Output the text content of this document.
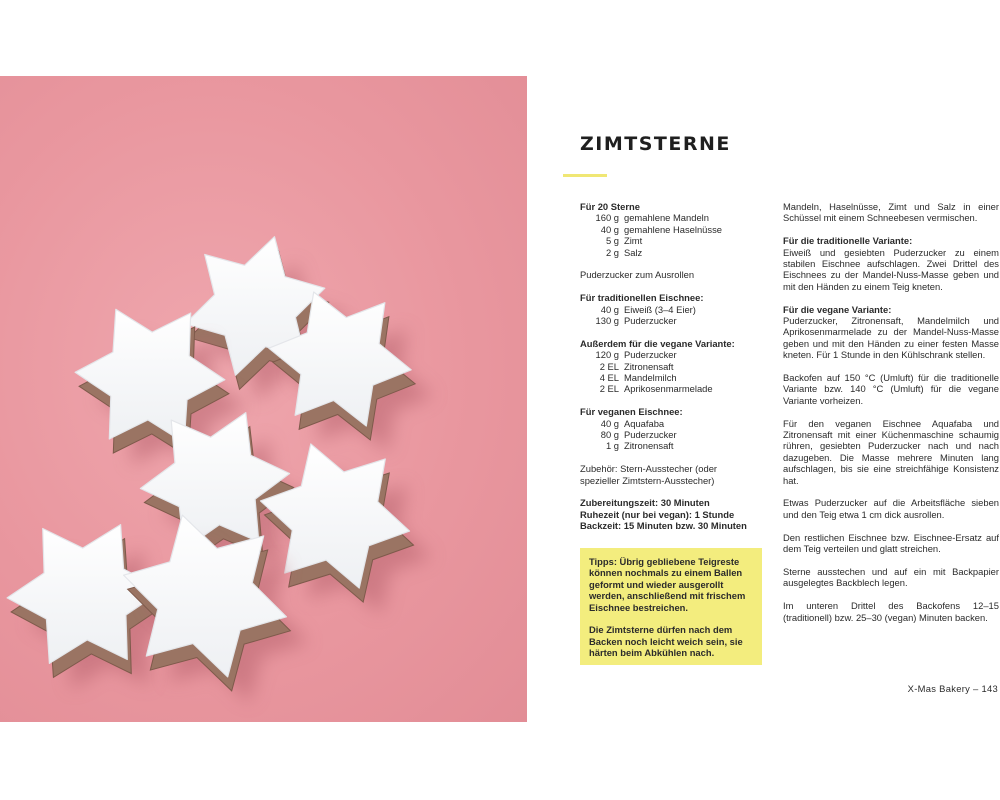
ZIMTSTERNE
Für 20 Sterne
160 g gemahlene Mandeln
40 g gemahlene Haselnüsse
5 g Zimt
2 g Salz
Puderzucker zum Ausrollen
Für traditionellen Eischnee:
40 g Eiweiß (3–4 Eier)
130 g Puderzucker
Außerdem für die vegane Variante:
120 g Puderzucker
2 EL Zitronensaft
4 EL Mandelmilch
2 EL Aprikosenmarmelade
Für veganen Eischnee:
40 g Aquafaba
80 g Puderzucker
1 g Zitronensaft
Zubehör: Stern-Ausstecher (oder
spezieller Zimtstern-Ausstecher)
Zubereitungszeit: 30 Minuten
Ruhezeit (nur bei vegan): 1 Stunde
Backzeit: 15 Minuten bzw. 30 Minuten

Tipps: Übrig gebliebene Teigreste können nochmals zu einem Ballen geformt und wieder ausgerollt werden, anschließend mit frischem Eischnee bestreichen.

Die Zimtsterne dürfen nach dem Backen noch leicht weich sein, sie härten beim Abkühlen nach.

Mandeln, Haselnüsse, Zimt und Salz in einer Schüssel mit einem Schneebesen vermischen.

Für die traditionelle Variante:
Eiweiß und gesiebten Puderzucker zu einem stabilen Eischnee aufschlagen. Zwei Drittel des Eischnees zu der Mandel-Nuss-Masse geben und mit den Händen zu einem Teig kneten.

Für die vegane Variante:
Puderzucker, Zitronensaft, Mandelmilch und Aprikosenmarmelade zu der Mandel-Nuss-Masse geben und mit den Händen zu einer festen Masse kneten. Für 1 Stunde in den Kühlschrank stellen.

Backofen auf 150 °C (Umluft) für die traditionelle Variante bzw. 140 °C (Umluft) für die vegane Variante vorheizen.

Für den veganen Eischnee Aquafaba und Zitronensaft mit einer Küchenmaschine schaumig rühren, gesiebten Puderzucker nach und nach dazugeben. Die Masse mehrere Minuten lang aufschlagen, bis sie eine streichfähige Konsistenz hat.

Etwas Puderzucker auf die Arbeitsfläche sieben und den Teig etwa 1 cm dick ausrollen.

Den restlichen Eischnee bzw. Eischnee-Ersatz auf dem Teig verteilen und glatt streichen.

Sterne ausstechen und auf ein mit Backpapier ausgelegtes Backblech legen.

Im unteren Drittel des Backofens 12–15 (traditionell) bzw. 25–30 (vegan) Minuten backen.

X-Mas Bakery – 143
